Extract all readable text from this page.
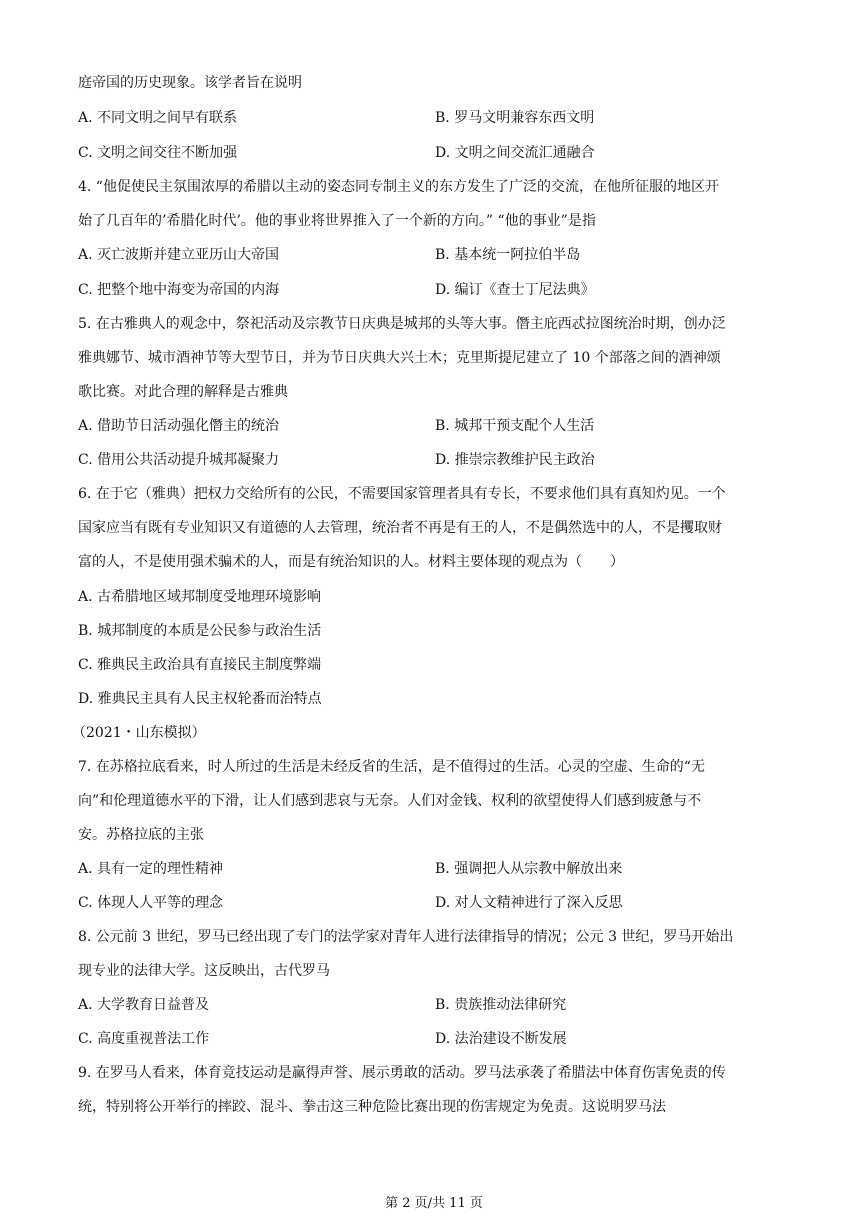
庭帝国的历史现象。该学者旨在说明
A. 不同文明之间早有联系	B. 罗马文明兼容东西文明
C. 文明之间交往不断加强	D. 文明之间交流汇通融合
4. “他促使民主氛围浓厚的希腊以主动的姿态同专制主义的东方发生了广泛的交流，在他所征服的地区开
始了几百年的’希腊化时代’。他的事业将世界推入了一个新的方向。” “他的事业”是指
A. 灭亡波斯并建立亚历山大帝国	B. 基本统一阿拉伯半岛
C. 把整个地中海变为帝国的内海	D. 编订《查士丁尼法典》
5. 在古雅典人的观念中，祭祀活动及宗教节日庆典是城邦的头等大事。僭主庇西忒拉图统治时期，创办泛
雅典娜节、城市酒神节等大型节日，并为节日庆典大兴土木；克里斯提尼建立了 10 个部落之间的酒神颂
歌比赛。对此合理的解释是古雅典
A. 借助节日活动强化僭主的统治	B. 城邦干预支配个人生活
C. 借用公共活动提升城邦凝聚力	D. 推崇宗教维护民主政治
6. 在于它（雅典）把权力交给所有的公民，不需要国家管理者具有专长，不要求他们具有真知灼见。一个
国家应当有既有专业知识又有道德的人去管理，统治者不再是有王的人，不是偶然选中的人，不是攫取财
富的人，不是使用强术骗术的人，而是有统治知识的人。材料主要体现的观点为（　　）
A. 古希腊地区域邦制度受地理环境影响
B. 城邦制度的本质是公民参与政治生活
C. 雅典民主政治具有直接民主制度弊端
D. 雅典民主具有人民主权轮番而治特点
（2021・山东模拟）
7. 在苏格拉底看来，时人所过的生活是未经反省的生活，是不值得过的生活。心灵的空虚、生命的“无
向”和伦理道德水平的下滑，让人们感到悲哀与无奈。人们对金钱、权利的欲望使得人们感到疲惫与不
安。苏格拉底的主张
A. 具有一定的理性精神	B. 强调把人从宗教中解放出来
C. 体现人人平等的理念	D. 对人文精神进行了深入反思
8. 公元前 3 世纪，罗马已经出现了专门的法学家对青年人进行法律指导的情况；公元 3 世纪，罗马开始出
现专业的法律大学。这反映出，古代罗马
A. 大学教育日益普及	B. 贵族推动法律研究
C. 高度重视普法工作	D. 法治建设不断发展
9. 在罗马人看来，体育竞技运动是赢得声誉、展示勇敢的活动。罗马法承袭了希腊法中体育伤害免责的传
统，特别将公开举行的摔跤、混斗、拳击这三种危险比赛出现的伤害规定为免责。这说明罗马法
第 2 页/共 11 页
